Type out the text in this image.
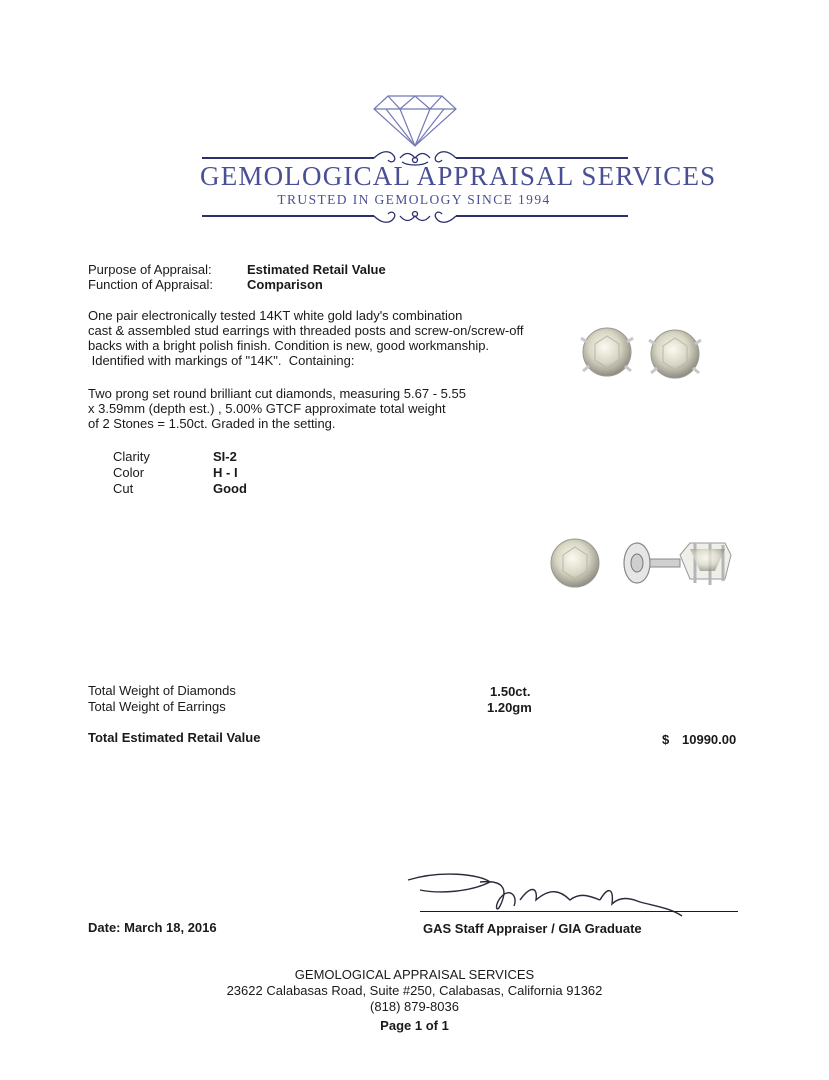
GEMOLOGICAL APPRAISAL SERVICES
TRUSTED IN GEMOLOGY SINCE 1994
Purpose of Appraisal:	Estimated Retail Value
Function of Appraisal:	Comparison
One pair electronically tested 14KT white gold lady's combination
cast & assembled stud earrings with threaded posts and screw-on/screw-off
backs with a bright polish finish. Condition is new, good workmanship.
Identified with markings of "14K".  Containing:
Two prong set round brilliant cut diamonds, measuring 5.67 - 5.55
x 3.59mm (depth est.) , 5.00% GTCF approximate total weight
of 2 Stones = 1.50ct. Graded in the setting.
Clarity	SI-2
Color	H - I
Cut	Good
Total Weight of Diamonds	1.50ct.
Total Weight of Earrings	1.20gm
Total Estimated Retail Value	$ 10990.00
Date: March 18, 2016	GAS Staff Appraiser / GIA Graduate
GEMOLOGICAL APPRAISAL SERVICES
23622 Calabasas Road, Suite #250, Calabasas, California 91362
(818) 879-8036
Page 1 of 1
